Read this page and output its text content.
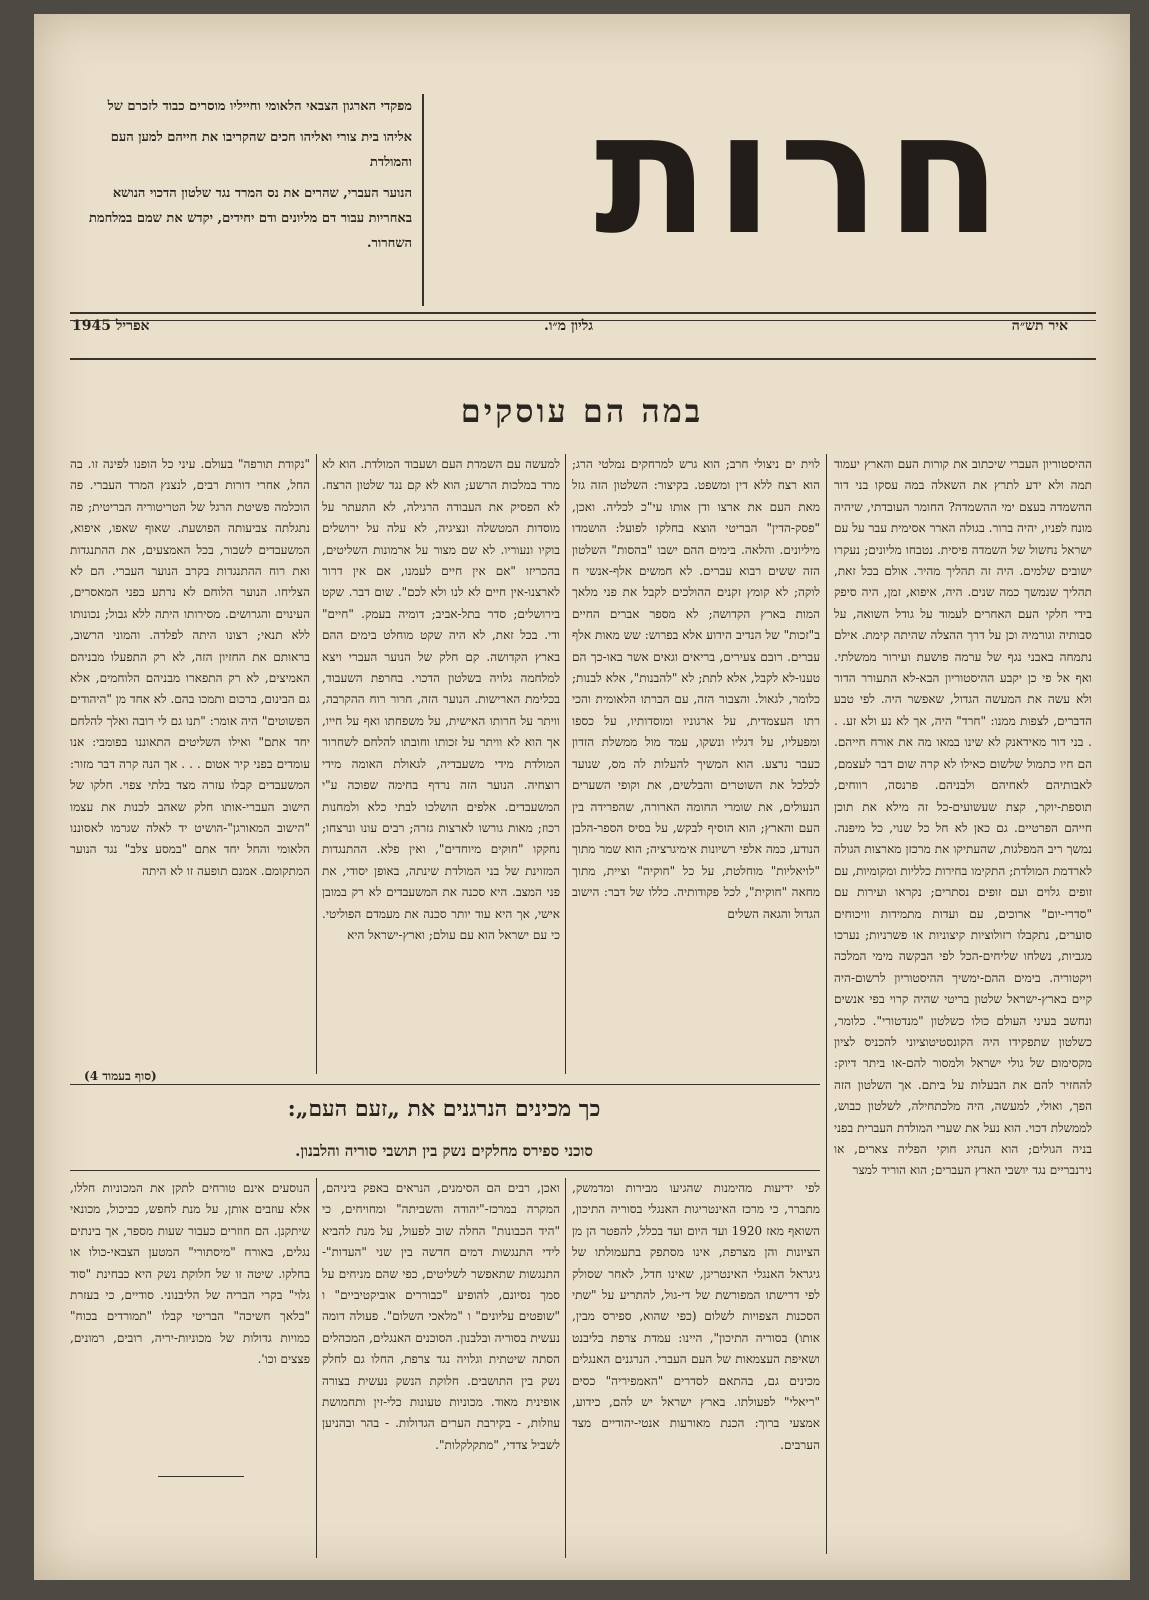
חרות

מפקדי הארגון הצבאי הלאומי וחייליו מוסרים כבוד לזכרם של

אליהו בית צורי ואליהו חכים שהקריבו את חייהם למען העם והמולדת

הנוער העברי, שהרים את נס המרד נגד שלטון הדכוי הנושא באחריות עבור דם מליונים ודם יחידים, יקדש את שמם במלחמת השחרור.

איר תש״ה

גליון מ״ו.

אפריל 1945

במה הם עוסקים

ההיסטוריון העברי שיכתוב את קורות העם והארץ יעמוד תמה ולא ידע לתרץ את השאלה במה עסקו בני דור ההשמדה בעצם ימי ההשמדה? החומר העובדתי, שיהיה מונח לפניו, יהיה ברור. בגולה הארר אסימית עבר על עם ישראל נחשול של השמדה פיסית. נטבחו מליונים; נעקרו ישובים שלמים. היה זה תהליך מהיר. אולם בכל זאת, תהליך שנמשך כמה שנים. היה, איפוא, זמן, היה סיפק בידי חלקי העם האחרים לעמוד על גודל השואה, על סבותיה וגורמיה וכן על דרך ההצלה שהיתה קימת. אילם נתמחה באבני נגף של ערמה פושעת ועירור ממשלתי. ואף אל פי כן יקבע ההיסטוריון הבא-לא התעורר הדור ולא עשה את המעשה הגדול, שאפשר היה. לפי טבע הדברים, לצפות ממנו: "חרד" היה, אך לא נע ולא זע. . . בני דור מאידאנק לא שינו במאו מה את אורח חייהם. הם חיו כתמול שלשום כאילו לא קרה שום דבר לעצמם, לאבותיהם לאחיהם ולבניהם. פרנסה, רווחים, תוספת-יוקר, קצת שעשועים-כל זה מילא את תוכן חייהם הפרטיים. גם כאן לא חל כל שנוי, כל מיפנה. נמשך ריב המפלגות, שהעתיקו את מרכזן מארצות הגולה לארדמת המולדת; התקימו בחירות כלליות ומקומיות, עם זופים גלוים ועם זופים נסתרים; נקראו ועירות עם "סדרי-יום" ארוכים, עם ועדות מתמידות וויכוחים סוערים, נתקבלו רזולוציות קיצוניות או פשרניות; נערכו מגביות, נשלחו שליחים-הכל לפי הבקשה מימי המלכה ויקטוריה. בימים ההם-ימשיך ההיסטוריון לרשום-היה קיים בארץ-ישראל שלטון בריטי שהיה קרוי בפי אנשים ונחשב בעיני העולם כולו כשלטון "מנדטורי". כלומר, כשלטון שתפקידו היה הקונסטיטוציוני להכניס לציון מקסימום של גולי ישראל ולמסור להם-או ביתר דיוק: להחזיר להם את הבעלות על ביתם. אך השלטון הזה הפך, ואולי, למעשה, היה מלכתחילה, לשלטון כבוש, לממשלת דכוי. הוא נעל את שערי המולדת העברית בפני בניה הגולים; הוא הנהיג חוקי הפליה צארים, או נירנבריים נגד יושבי הארץ העברים; הוא הוריד למצר

לוית ים ניצולי חרב; הוא גרש למרחקים נמלטי הרג; הוא רצח ללא דין ומשפט. בקיצור: השלטון הזה גזל מאת העם את ארצו ודן אותו עי"כ לכליה. ואכן, "פסק-הדין" הבריטי הוצא בחלקו לפועל: הושמדו מיליונים. והלאה. בימים ההם ישבו "בהסות" השלטון הזה ששים רבוא עברים. לא חמשים אלף-אנשי ח לוקה; לא קומץ זקנים ההולכים לקבל את פני מלאך המות בארץ הקדושה; לא מספר אברים החיים ב"זכות" של הנדיב הידוע אלא בפרוש: שש מאות אלף עברים. רובם צעירים, בריאים וגאים אשר באו-כך הם טענו-לא לקבל, אלא לתת; לא "להבנות", אלא לבנות; כלומר, לגאול. והצבור הזה, עם הברתו הלאומית והכי רתו העצמדית, על ארגוניו ומוסדותיו, על כספו ומפעליו, על דגליו ונשקו, עמד מול ממשלת הזדון כעבר נרצע. הוא המשיך להעלות לה מס, שנועד לכלכל את השוטרים והבלשים, את וקופי השערים הנעולים, את שומרי החומה הארורה, שהפרידה בין העם והארץ; הוא הוסיף לבקש, על בסיס הספר-הלבן הנודע, כמה אלפי רשיונות אימיגרציה; הוא שמר מתוך "לויאליות" מוחלטת, על כל "חוקיה" וציית, מתוך מחאה "חוקית", לכל פקודותיה. כללו של דבר: הישוב הגדול והגאה השלים

למעשה עם השמדת העם ושעבוד המולדת. הוא לא מרד במלכות הרשע; הוא לא קם נגד שלטון הרצח. לא הפסיק את העבודה הרגילה, לא התעתר על מוסדות המטשלה ונציגיה, לא עלה על ירושלים בוקיו ונעוריו. לא שם מצור על ארמונות השליטים, בהכריזו "אם אין חיים לעמנו, אם אין דרור לארצנו-אין חיים לא לנו ולא לכם". שום דבר. שקט בירושלים; סדר בתל-אביב; דומיה בעמק. "חיים" ודי. בכל זאת, לא היה שקט מוחלט בימים ההם בארץ הקדושה. קם חלק של הנוער העברי ויצא למלחמה גלויה בשלטון הדכוי. בחרפת השעבוד, בכלימת הארישות. הנוער הזה, חרור רוח ההקרבה, וויתר על חרותו האישית, על משפחתו ואף על חייו, אך הוא לא וויתר על זכותו וחובתו להלחם לשחרור המולדת מידי משעבדיה, לגאולת האומה מידי רוצחיה. הנוער הזה נרדף בחימה שפוכה ע"י המשעבדים. אלפים הושלכו לבתי כלא ולמחנות רכוז; מאות גורשו לארצות גזרה; רבים עונו ונרצחו; נחקקו "חוקים מיוחדים", ואין פלא. ההתנגדות המזוינת של בני המולדת שינתה, באופן יסודי, את פני המצב. היא סכנה את המשעבדים לא רק במובן אישי, אך היא עוד יותר סכנה את מעמדם הפוליטי. כי עם ישראל הוא עם עולם; וארץ-ישראל היא

"נקודת תורפה" בעולם. עיני כל הופנו לפינה זו. בה החל, אחרי דורות רבים, לנצנץ המרד העברי. פה הוכלמה פשיטת הרגל של הטריטוריה הבריטית; פה נתגלתה צביעותה הפושעת. שאוף שאפו, איפוא, המשעבדים לשבור, בכל האמצעים, את ההתנגדות ואת רוח ההתנגדות בקרב הנוער העברי. הם לא הצליחו. הנוער הלוחם לא נרתע בפני המאסרים, העינוים והגרושים. מסירותו היתה ללא גבול; נכונותו ללא תנאי; רצונו היתה לפלדה. והמוני הרשוב, בראותם את החזיון הזה, לא רק התפעלו מבניהם האמיצים, לא רק התפארו מבניהם הלוחמים, אלא גם הבינום, ברכום ותמכו בהם. לא אחד מן "היהודים הפשוטים" היה אומר: "תנו גם לי רובה ואלך להלחם יחד אתם" ואילו השליטים התאוננו בפומבי: אנו עומדים בפני קיר אטום . . . אך הנה קרה דבר מזור: המשעבדים קבלו עזרה מצד בלתי צפוי. חלקו של הישוב העברי-אותו חלק שאהב לכנות את עצמו "הישוב המאורגן"-הושיט יד לאלה שגרמו לאסוננו הלאומי והחל יחד אתם "במסע צלב" נגד הנוער המתקומם. אמנם תופעה זו לא היתה

(סוף בעמוד 4)
כך מכינים הנרגנים את „זעם העם„:

סוכני ספירס מחלקים נשק בין תושבי סוריה והלבנון.

לפי ידיעות מהימנות שהגיעו מבירות ומדמשק, מתברר, כי מרכז האינטריגות האנגלי בסוריה התיכון, השואף מאז 1920 ועד היום ועד בכלל, להפטר הן מן הציונות והן מצרפת, אינו מסתפק בתעמולתו של גיגראל האנגלי האינטריגן, שאינו חדל, לאחר שסולק לפי דרישתו המפורשת של די-גול, להתריע על "שתי הסכנות הצפויות לשלום (כפי שהוא, ספירס מבין, אותו) בסוריה התיכון", היינו: עמדת צרפת בליבנט ושאיפת העצמאות של העם העברי. הנרגנים האנגלים מכינים גם, בהתאם לסדרים "האמפיריה" כסים "ריאלי" לפעולתו. בארץ ישראל יש להם, כידוע, אמצעי ברוך: הכנת מאורעות אנטי-יהודיים מצד הערבים.

ואכן, רבים הם הסימנים, הנראים באפק ביניהם, המקרה במרכז-"יהודה והשביתה" ומחויחים, כי "היד הכבונות" החלה שוב לפעול, על מנת להביא לידי התנגשות דמים חדשה בין שני "העדות"-התנגשות שתאפשר לשליטים, כפי שהם מניחים על סמך נסיונם, להופיע "כבוררים אוביקטיביים" ו "שופטים עליונים" ו "מלאכי השלום". פעולה דומה נעשית בסוריה ובלבנון. הסוכנים האנגלים, המכהלים הסתה שיטתית וגלויה נגד צרפת, החלו גם לחלק נשק בין התושבים. חלוקת הנשק נעשית בצורה אופינית מאוד. מכוניות טעונות כלי-זין ותחמושת עוזלות, - בקירבת הערים הגדולות. - בהר ובהניען לשביל צדדי, "מתקלקלות".

הנוסעים אינם טורחים לתקן את המכוניות חללו, אלא עוזבים אותן, על מנת לחפש, כביכול, מכונאי שיתקנן. הם חוזרים כעבור שעות מספר, אך בינתים נגלים, באורח "מיסתורי" המטען הצבאי-כולו או בחלקו. שיטה זו של חלוקת נשק היא כבחינת "סוד גלוי" בקרי הבריה של הליבנוני. סודיים, כי בעזרת "בלאך חשיכה" הבריטי קבלו "תמורדים בכוח" כמויות גדולות של מכוניות-יריה, רובים, רמונים, פצצים וכו'.
